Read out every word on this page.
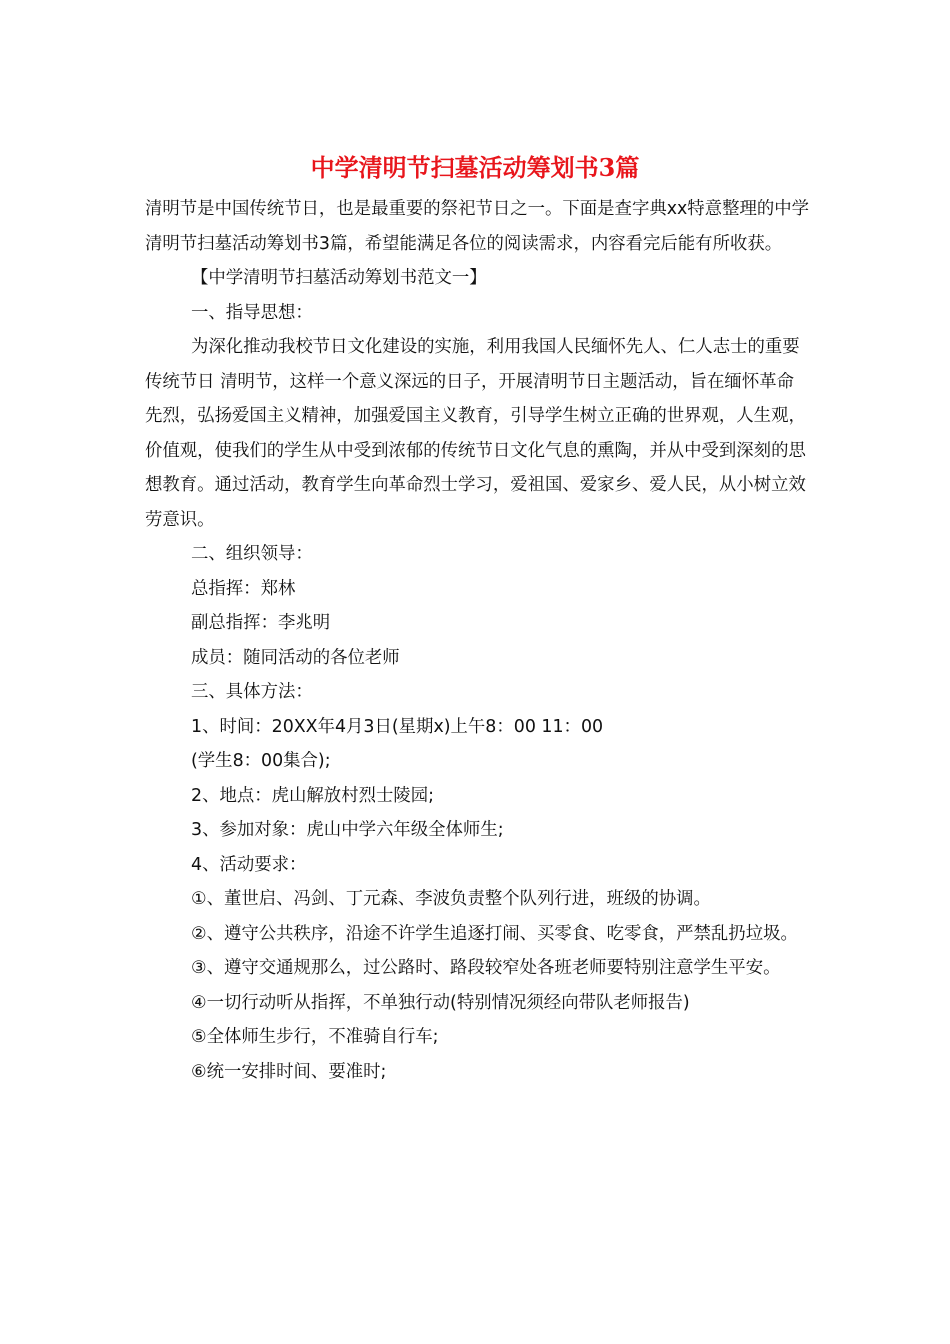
中学清明节扫墓活动筹划书3篇

清明节是中国传统节日，也是最重要的祭祀节日之一。下面是查字典xx特意整理的中学清明节扫墓活动筹划书3篇，希望能满足各位的阅读需求，内容看完后能有所收获。

【中学清明节扫墓活动筹划书范文一】

一、指导思想：

为深化推动我校节日文化建设的实施，利用我国人民缅怀先人、仁人志士的重要传统节日 清明节，这样一个意义深远的日子，开展清明节日主题活动，旨在缅怀革命先烈，弘扬爱国主义精神，加强爱国主义教育，引导学生树立正确的世界观，人生观，价值观，使我们的学生从中受到浓郁的传统节日文化气息的熏陶，并从中受到深刻的思想教育。通过活动，教育学生向革命烈士学习，爱祖国、爱家乡、爱人民，从小树立效劳意识。

二、组织领导：

总指挥：郑林

副总指挥：李兆明

成员：随同活动的各位老师

三、具体方法：

1、时间：20XX年4月3日(星期x)上午8：00 11：00

(学生8：00集合);

2、地点：虎山解放村烈士陵园;

3、参加对象：虎山中学六年级全体师生;

4、活动要求：

①、董世启、冯剑、丁元森、李波负责整个队列行进，班级的协调。

②、遵守公共秩序，沿途不许学生追逐打闹、买零食、吃零食，严禁乱扔垃圾。

③、遵守交通规那么，过公路时、路段较窄处各班老师要特别注意学生平安。

④一切行动听从指挥，不单独行动(特别情况须经向带队老师报告)

⑤全体师生步行，不准骑自行车;

⑥统一安排时间、要准时;
